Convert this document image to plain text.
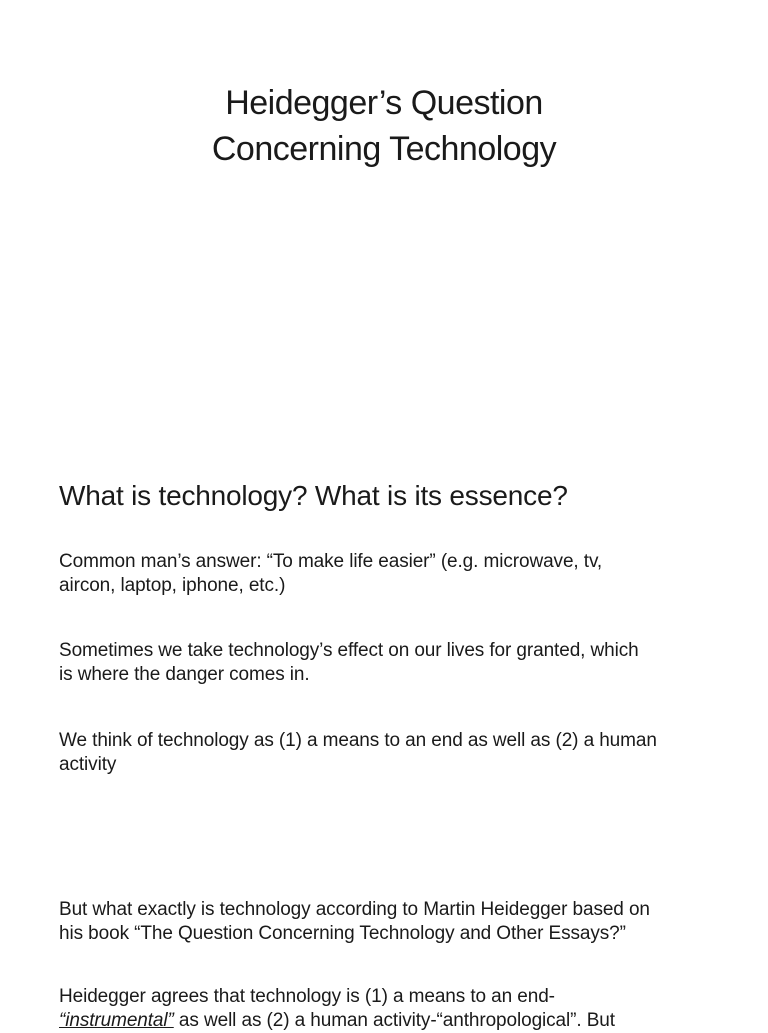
Heidegger’s Question
Concerning Technology
What is technology? What is its essence?
Common man’s answer: “To make life easier” (e.g. microwave, tv,
aircon, laptop, iphone, etc.)
Sometimes we take technology’s effect on our lives for granted, which
is where the danger comes in.
We think of technology as (1) a means to an end as well as (2) a human
activity
But what exactly is technology according to Martin Heidegger based on
his book “The Question Concerning Technology and Other Essays?”
Heidegger agrees that technology is (1) a means to an end-
“instrumental” as well as (2) a human activity-“anthropological”. But
